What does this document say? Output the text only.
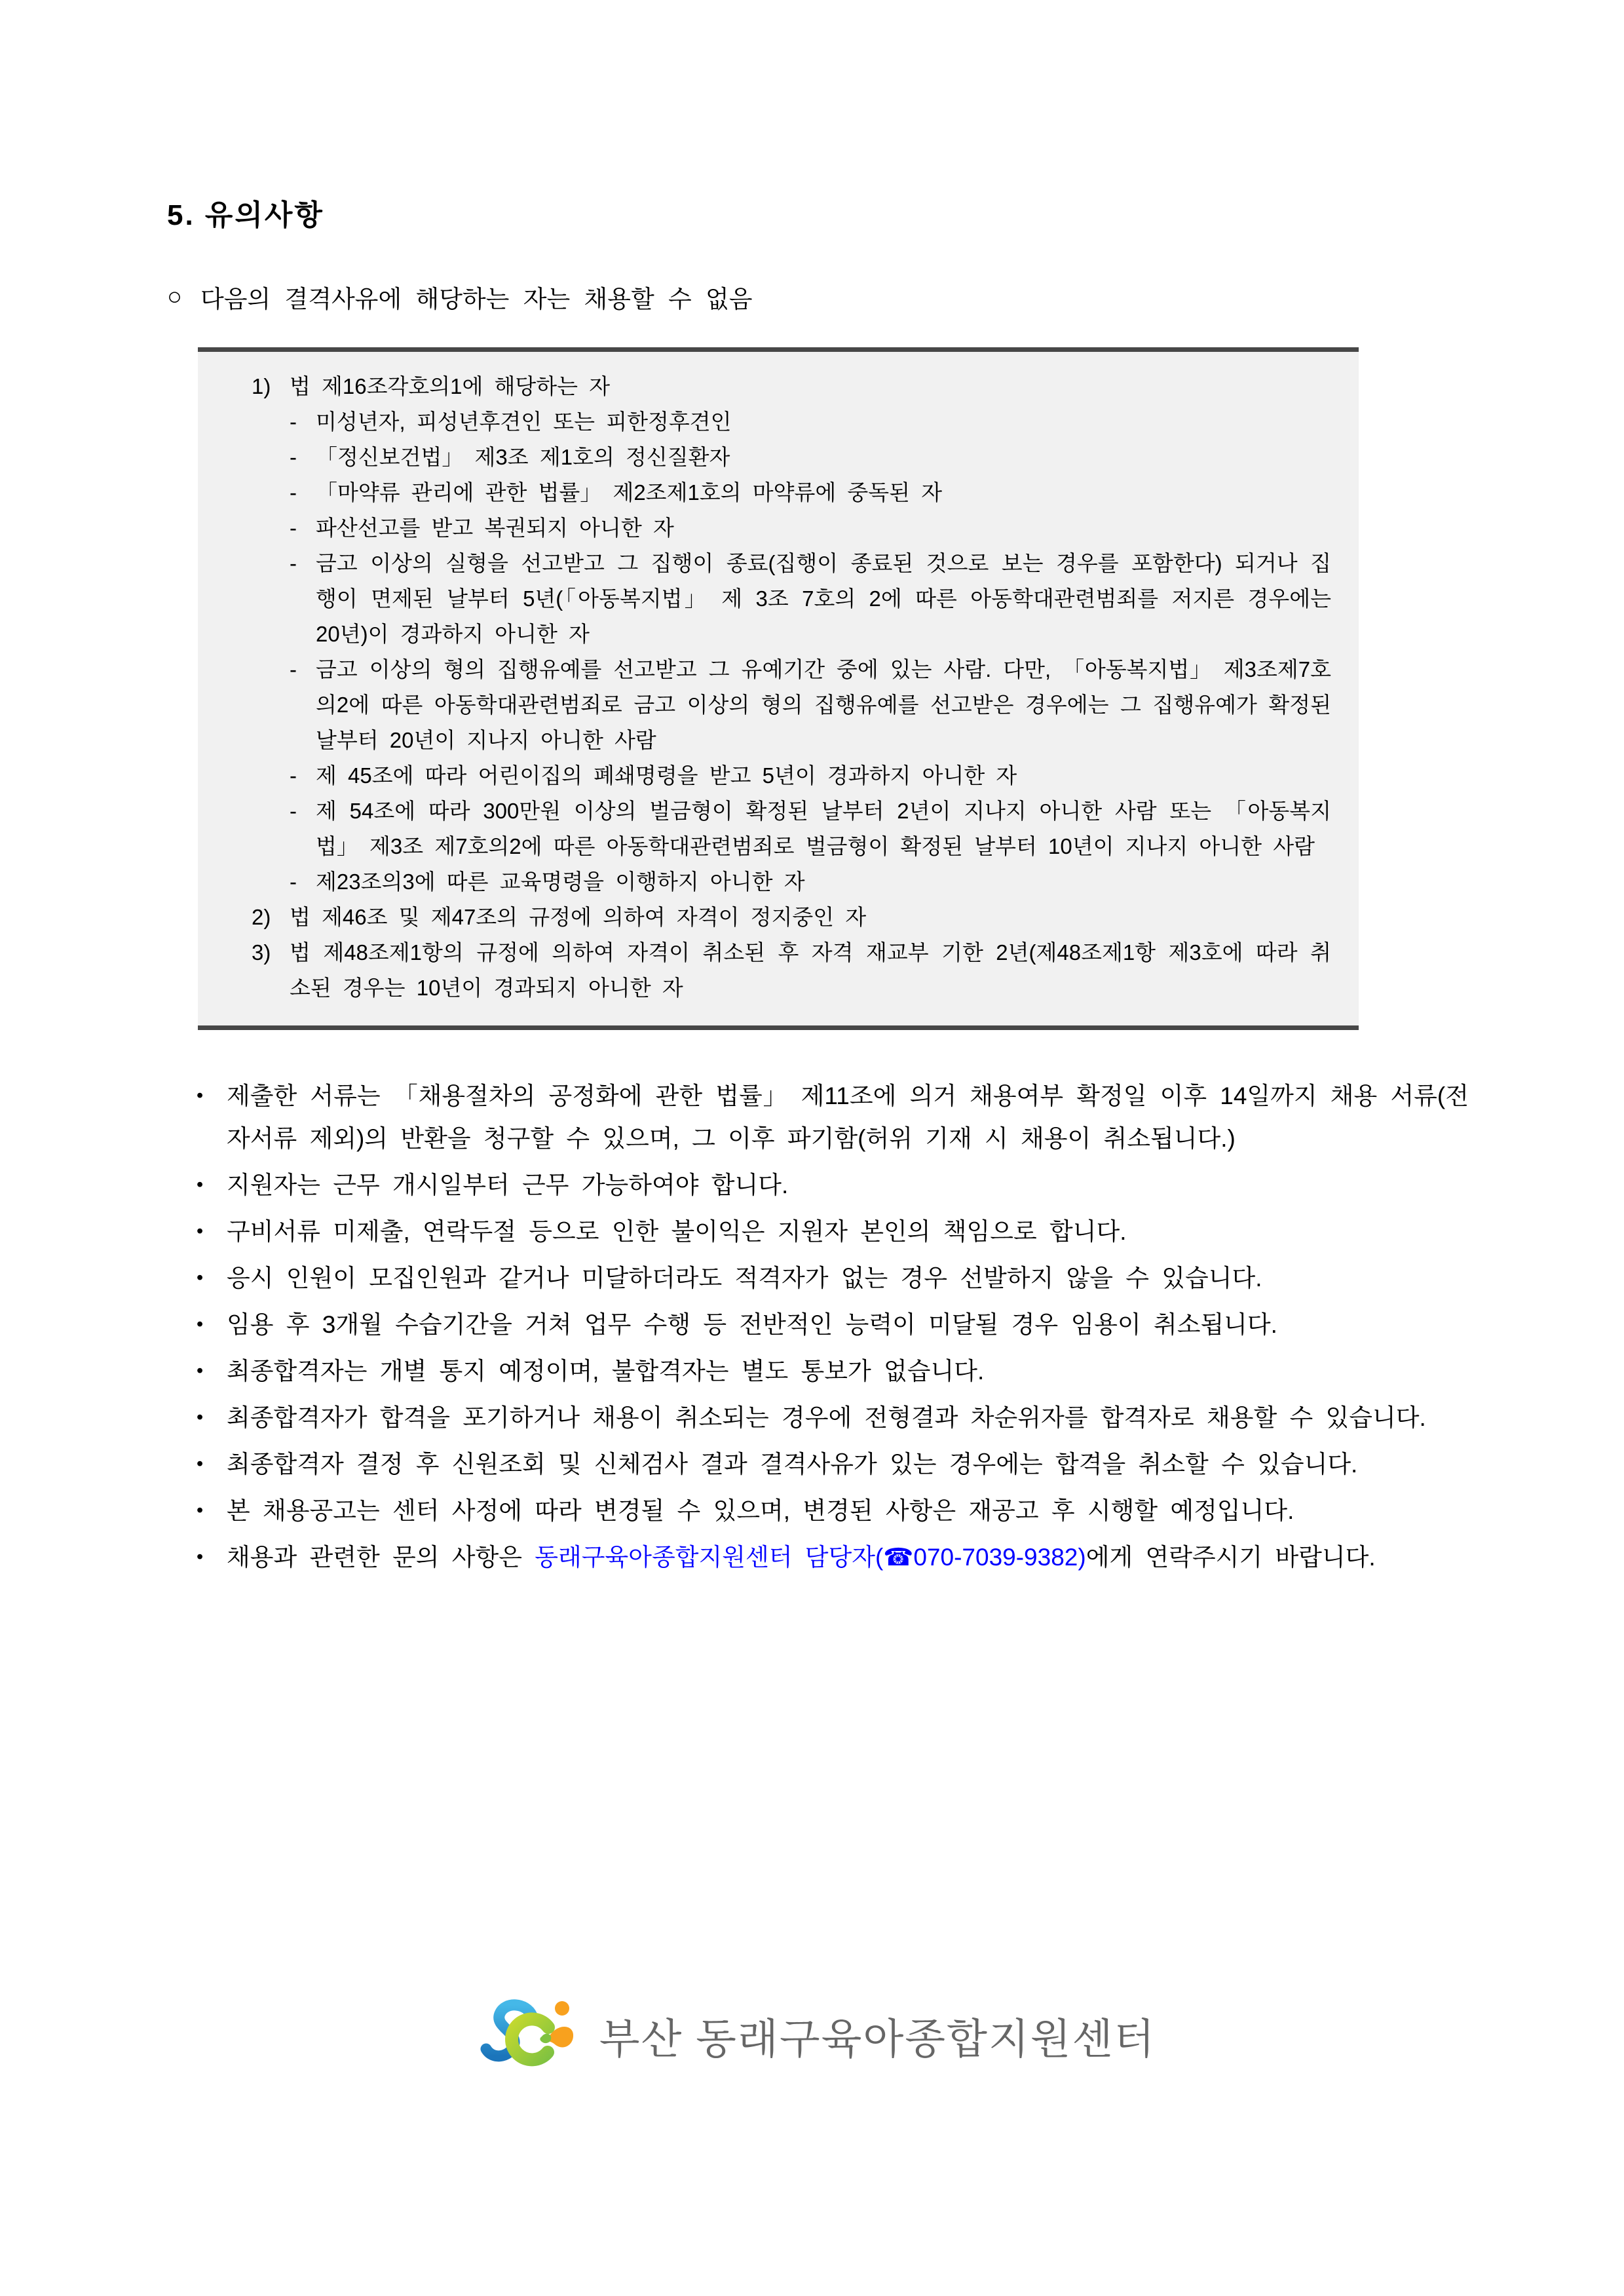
5. 유의사항
○ 다음의 결격사유에 해당하는 자는 채용할 수 없음
1) 법 제16조각호의1에 해당하는 자
- 미성년자, 피성년후견인 또는 피한정후견인
- 「정신보건법」 제3조 제1호의 정신질환자
- 「마약류 관리에 관한 법률」 제2조제1호의 마약류에 중독된 자
- 파산선고를 받고 복권되지 아니한 자
- 금고 이상의 실형을 선고받고 그 집행이 종료(집행이 종료된 것으로 보는 경우를 포함한다) 되거나 집행이 면제된 날부터 5년(「아동복지법」 제 3조 7호의 2에 따른 아동학대관련범죄를 저지른 경우에는 20년)이 경과하지 아니한 자
- 금고 이상의 형의 집행유예를 선고받고 그 유예기간 중에 있는 사람. 다만, 「아동복지법」 제3조제7호의2에 따른 아동학대관련범죄로 금고 이상의 형의 집행유예를 선고받은 경우에는 그 집행유예가 확정된 날부터 20년이 지나지 아니한 사람
- 제 45조에 따라 어린이집의 폐쇄명령을 받고 5년이 경과하지 아니한 자
- 제 54조에 따라 300만원 이상의 벌금형이 확정된 날부터 2년이 지나지 아니한 사람 또는 「아동복지법」 제3조 제7호의2에 따른 아동학대관련범죄로 벌금형이 확정된 날부터 10년이 지나지 아니한 사람
- 제23조의3에 따른 교육명령을 이행하지 아니한 자
2) 법 제46조 및 제47조의 규정에 의하여 자격이 정지중인 자
3) 법 제48조제1항의 규정에 의하여 자격이 취소된 후 자격 재교부 기한 2년(제48조제1항 제3호에 따라 취소된 경우는 10년이 경과되지 아니한 자
• 제출한 서류는 「채용절차의 공정화에 관한 법률」 제11조에 의거 채용여부 확정일 이후 14일까지 채용 서류(전자서류 제외)의 반환을 청구할 수 있으며, 그 이후 파기함(허위 기재 시 채용이 취소됩니다.)
• 지원자는 근무 개시일부터 근무 가능하여야 합니다.
• 구비서류 미제출, 연락두절 등으로 인한 불이익은 지원자 본인의 책임으로 합니다.
• 응시 인원이 모집인원과 같거나 미달하더라도 적격자가 없는 경우 선발하지 않을 수 있습니다.
• 임용 후 3개월 수습기간을 거쳐 업무 수행 등 전반적인 능력이 미달될 경우 임용이 취소됩니다.
• 최종합격자는 개별 통지 예정이며, 불합격자는 별도 통보가 없습니다.
• 최종합격자가 합격을 포기하거나 채용이 취소되는 경우에 전형결과 차순위자를 합격자로 채용할 수 있습니다.
• 최종합격자 결정 후 신원조회 및 신체검사 결과 결격사유가 있는 경우에는 합격을 취소할 수 있습니다.
• 본 채용공고는 센터 사정에 따라 변경될 수 있으며, 변경된 사항은 재공고 후 시행할 예정입니다.
• 채용과 관련한 문의 사항은 동래구육아종합지원센터 담당자(☎070-7039-9382)에게 연락주시기 바랍니다.
부산 동래구육아종합지원센터
